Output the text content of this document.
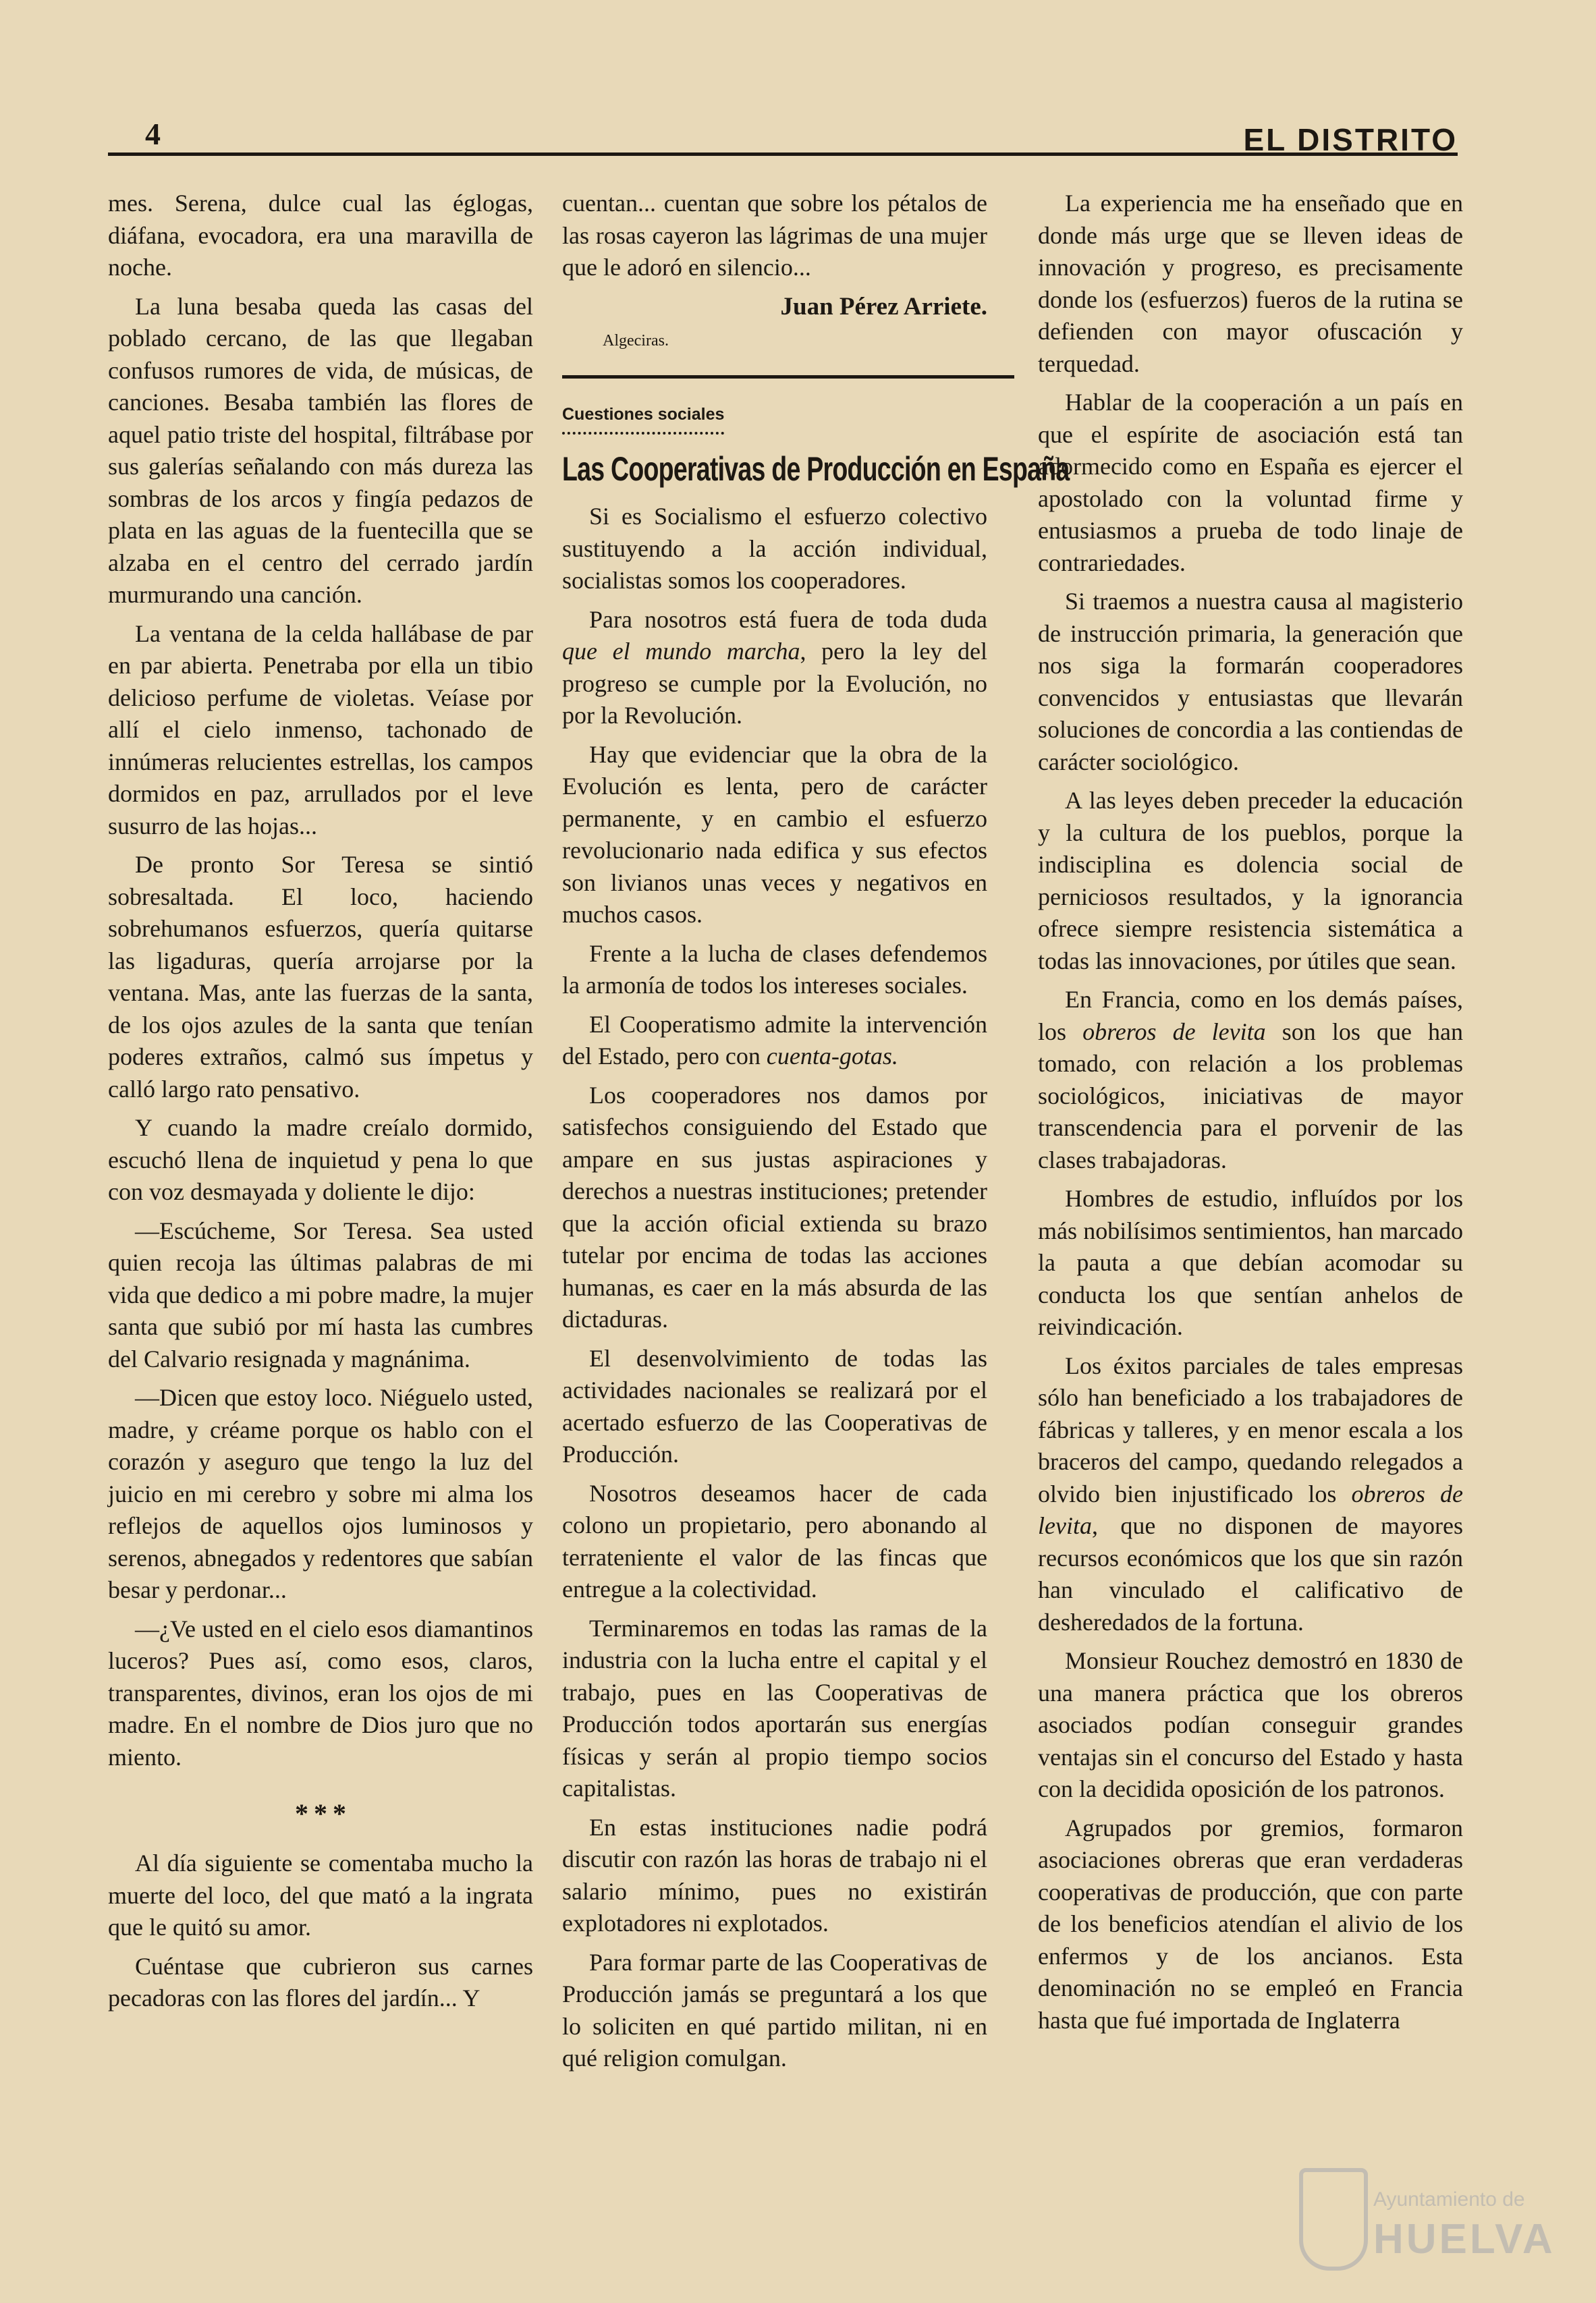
4	EL DISTRITO

mes. Serena, dulce cual las églogas, diáfana, evocadora, era una maravilla de noche.

La luna besaba queda las casas del poblado cercano, de las que llegaban confusos rumores de vida, de músicas, de canciones. Besaba también las flores de aquel patio triste del hospital, filtrábase por sus galerías señalando con más dureza las sombras de los arcos y fingía pedazos de plata en las aguas de la fuentecilla que se alzaba en el centro del cerrado jardín murmurando una canción.

La ventana de la celda hallábase de par en par abierta. Penetraba por ella un tibio delicioso perfume de violetas. Veíase por allí el cielo inmenso, tachonado de innúmeras relucientes estrellas, los campos dormidos en paz, arrullados por el leve susurro de las hojas...

De pronto Sor Teresa se sintió sobresaltada. El loco, haciendo sobrehumanos esfuerzos, quería quitarse las ligaduras, quería arrojarse por la ventana. Mas, ante las fuerzas de la santa, de los ojos azules de la santa que tenían poderes extraños, calmó sus ímpetus y calló largo rato pensativo.

Y cuando la madre creíalo dormido, escuchó llena de inquietud y pena lo que con voz desmayada y doliente le dijo:

—Escúcheme, Sor Teresa. Sea usted quien recoja las últimas palabras de mi vida que dedico a mi pobre madre, la mujer santa que subió por mí hasta las cumbres del Calvario resignada y magnánima.

—Dicen que estoy loco. Niéguelo usted, madre, y créame porque os hablo con el corazón y aseguro que tengo la luz del juicio en mi cerebro y sobre mi alma los reflejos de aquellos ojos luminosos y serenos, abnegados y redentores que sabían besar y perdonar...

—¿Ve usted en el cielo esos diamantinos luceros? Pues así, como esos, claros, transparentes, divinos, eran los ojos de mi madre. En el nombre de Dios juro que no miento.

* * *

Al día siguiente se comentaba mucho la muerte del loco, del que mató a la ingrata que le quitó su amor.

Cuéntase que cubrieron sus carnes pecadoras con las flores del jardín... Y

cuentan... cuentan que sobre los pétalos de las rosas cayeron las lágrimas de una mujer que le adoró en silencio...

Juan Pérez Arriete.
Algeciras.
Cuestiones sociales
Las Cooperativas de Producción en España

Si es Socialismo el esfuerzo colectivo sustituyendo a la acción individual, socialistas somos los cooperadores.

Para nosotros está fuera de toda duda que el mundo marcha, pero la ley del progreso se cumple por la Evolución, no por la Revolución.

Hay que evidenciar que la obra de la Evolución es lenta, pero de carácter permanente, y en cambio el esfuerzo revolucionario nada edifica y sus efectos son livianos unas veces y negativos en muchos casos.

Frente a la lucha de clases defendemos la armonía de todos los intereses sociales.

El Cooperatismo admite la intervención del Estado, pero con cuenta-gotas.

Los cooperadores nos damos por satisfechos consiguiendo del Estado que ampare en sus justas aspiraciones y derechos a nuestras instituciones; pretender que la acción oficial extienda su brazo tutelar por encima de todas las acciones humanas, es caer en la más absurda de las dictaduras.

El desenvolvimiento de todas las actividades nacionales se realizará por el acertado esfuerzo de las Cooperativas de Producción.

Nosotros deseamos hacer de cada colono un propietario, pero abonando al terrateniente el valor de las fincas que entregue a la colectividad.

Terminaremos en todas las ramas de la industria con la lucha entre el capital y el trabajo, pues en las Cooperativas de Producción todos aportarán sus energías físicas y serán al propio tiempo socios capitalistas.

En estas instituciones nadie podrá discutir con razón las horas de trabajo ni el salario mínimo, pues no existirán explotadores ni explotados.

Para formar parte de las Cooperativas de Producción jamás se preguntará a los que lo soliciten en qué partido militan, ni en qué religion comulgan.

La experiencia me ha enseñado que en donde más urge que se lleven ideas de innovación y progreso, es precisamente donde los (esfuerzos) fueros de la rutina se defienden con mayor ofuscación y terquedad.

Hablar de la cooperación a un país en que el espírite de asociación está tan adormecido como en España es ejercer el apostolado con la voluntad firme y entusiasmos a prueba de todo linaje de contrariedades.

Si traemos a nuestra causa al magisterio de instrucción primaria, la generación que nos siga la formarán cooperadores convencidos y entusiastas que llevarán soluciones de concordia a las contiendas de carácter sociológico.

A las leyes deben preceder la educación y la cultura de los pueblos, porque la indisciplina es dolencia social de perniciosos resultados, y la ignorancia ofrece siempre resistencia sistemática a todas las innovaciones, por útiles que sean.

En Francia, como en los demás países, los obreros de levita son los que han tomado, con relación a los problemas sociológicos, iniciativas de mayor transcendencia para el porvenir de las clases trabajadoras.

Hombres de estudio, influídos por los más nobilísimos sentimientos, han marcado la pauta a que debían acomodar su conducta los que sentían anhelos de reivindicación.

Los éxitos parciales de tales empresas sólo han beneficiado a los trabajadores de fábricas y talleres, y en menor escala a los braceros del campo, quedando relegados a olvido bien injustificado los obreros de levita, que no disponen de mayores recursos económicos que los que sin razón han vinculado el calificativo de desheredados de la fortuna.

Monsieur Rouchez demostró en 1830 de una manera práctica que los obreros asociados podían conseguir grandes ventajas sin el concurso del Estado y hasta con la decidida oposición de los patronos.

Agrupados por gremios, formaron asociaciones obreras que eran verdaderas cooperativas de producción, que con parte de los beneficios atendían el alivio de los enfermos y de los ancianos. Esta denominación no se empleó en Francia hasta que fué importada de Inglaterra

Ayuntamiento de
HUELVA
